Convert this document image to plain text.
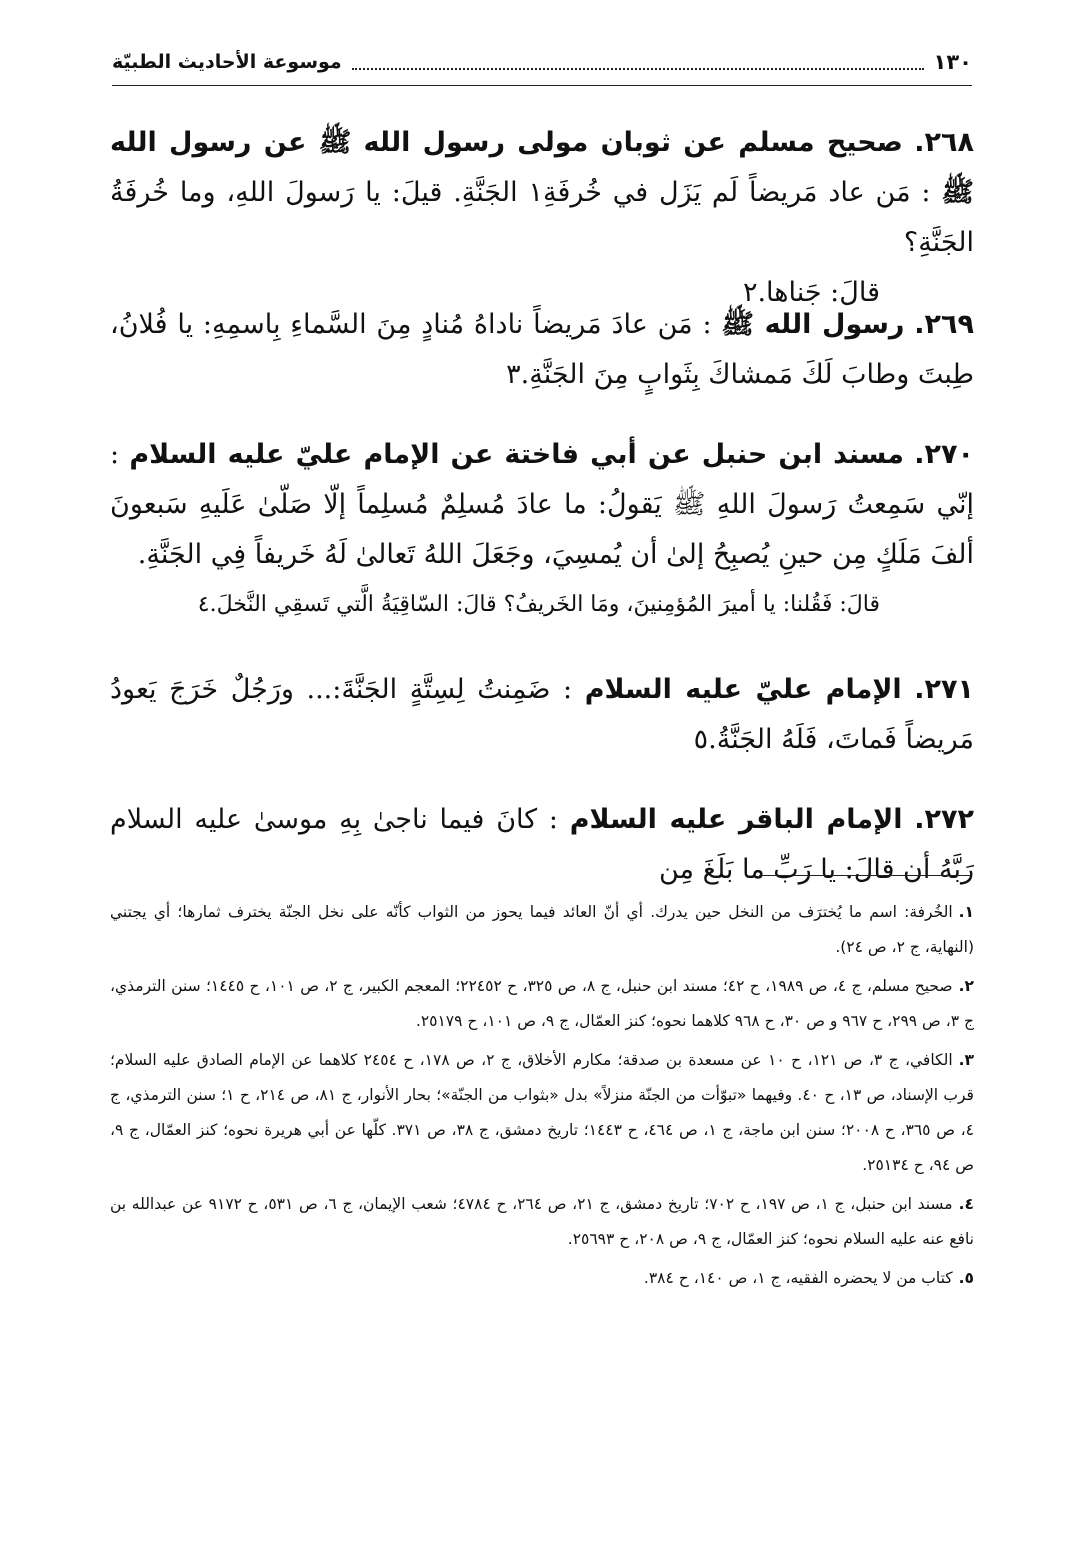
١٣٠
موسوعة الأحاديث الطبيّة
٢٦٨. صحيح مسلم عن ثوبان مولى رسول الله ﷺ عن رسول الله ﷺ : مَن عاد مَريضاً لَم يَزَل في خُرفَةِ١ الجَنَّةِ. قيلَ: يا رَسولَ اللهِ، وما خُرفَةُ الجَنَّةِ؟
قالَ: جَناها.٢
٢٦٩. رسول الله ﷺ : مَن عادَ مَريضاً ناداهُ مُنادٍ مِنَ السَّماءِ بِاسمِهِ: يا فُلانُ، طِبتَ وطابَ لَكَ مَمشاكَ بِثَوابٍ مِنَ الجَنَّةِ.٣
٢٧٠. مسند ابن حنبل عن أبي فاختة عن الإمام عليّ عليه السلام : إنّي سَمِعتُ رَسولَ اللهِ ﷺ يَقولُ: ما عادَ مُسلِمٌ مُسلِماً إلّا صَلّىٰ عَلَيهِ سَبعونَ ألفَ مَلَكٍ مِن حينِ يُصبِحُ إلىٰ أن يُمسِيَ، وجَعَلَ اللهُ تَعالىٰ لَهُ خَريفاً فِي الجَنَّةِ.
قالَ: فَقُلنا: يا أميرَ المُؤمِنينَ، ومَا الخَريفُ؟ قالَ: السّاقِيَةُ الَّتي تَسقِي النَّخلَ.٤
٢٧١. الإمام عليّ عليه السلام : ضَمِنتُ لِسِتَّةٍ الجَنَّةَ:... ورَجُلٌ خَرَجَ يَعودُ مَريضاً فَماتَ، فَلَهُ الجَنَّةُ.٥
٢٧٢. الإمام الباقر عليه السلام : كانَ فيما ناجىٰ بِهِ موسىٰ عليه السلام رَبَّهُ أن قالَ: يا رَبِّ ما بَلَغَ مِن

١.الخُرفة: اسم ما يُخترَف من النخل حين يدرك. أي أنّ العائد فيما يحوز من الثواب كأنّه على نخل الجنّة يخترف ثمارها؛ أي يجتني (النهاية، ج ٢، ص ٢٤).

٢.صحيح مسلم، ج ٤، ص ١٩٨٩، ح ٤٢؛ مسند ابن حنبل، ج ٨، ص ٣٢٥، ح ٢٢٤٥٢؛ المعجم الكبير، ج ٢، ص ١٠١، ح ١٤٤٥؛ سنن الترمذي، ج ٣، ص ٢٩٩، ح ٩٦٧ و ص ٣٠، ح ٩٦٨ كلاهما نحوه؛ كنز العمّال، ج ٩، ص ١٠١، ح ٢٥١٧٩.

٣.الكافي، ج ٣، ص ١٢١، ح ١٠ عن مسعدة بن صدقة؛ مكارم الأخلاق، ج ٢، ص ١٧٨، ح ٢٤٥٤ كلاهما عن الإمام الصادق عليه السلام؛ قرب الإسناد، ص ١٣، ح ٤٠. وفيهما «تبوّأت من الجنّة منزلاً» بدل «بثواب من الجنّة»؛ بحار الأنوار، ج ٨١، ص ٢١٤، ح ١؛ سنن الترمذي، ج ٤، ص ٣٦٥، ح ٢٠٠٨؛ سنن ابن ماجة، ج ١، ص ٤٦٤، ح ١٤٤٣؛ تاريخ دمشق، ج ٣٨، ص ٣٧١. كلّها عن أبي هريرة نحوه؛ كنز العمّال، ج ٩، ص ٩٤، ح ٢٥١٣٤.

٤.مسند ابن حنبل، ج ١، ص ١٩٧، ح ٧٠٢؛ تاريخ دمشق، ج ٢١، ص ٢٦٤، ح ٤٧٨٤؛ شعب الإيمان، ج ٦، ص ٥٣١، ح ٩١٧٢ عن عبدالله بن نافع عنه عليه السلام نحوه؛ كنز العمّال، ج ٩، ص ٢٠٨، ح ٢٥٦٩٣.

٥.كتاب من لا يحضره الفقيه، ج ١، ص ١٤٠، ح ٣٨٤.
